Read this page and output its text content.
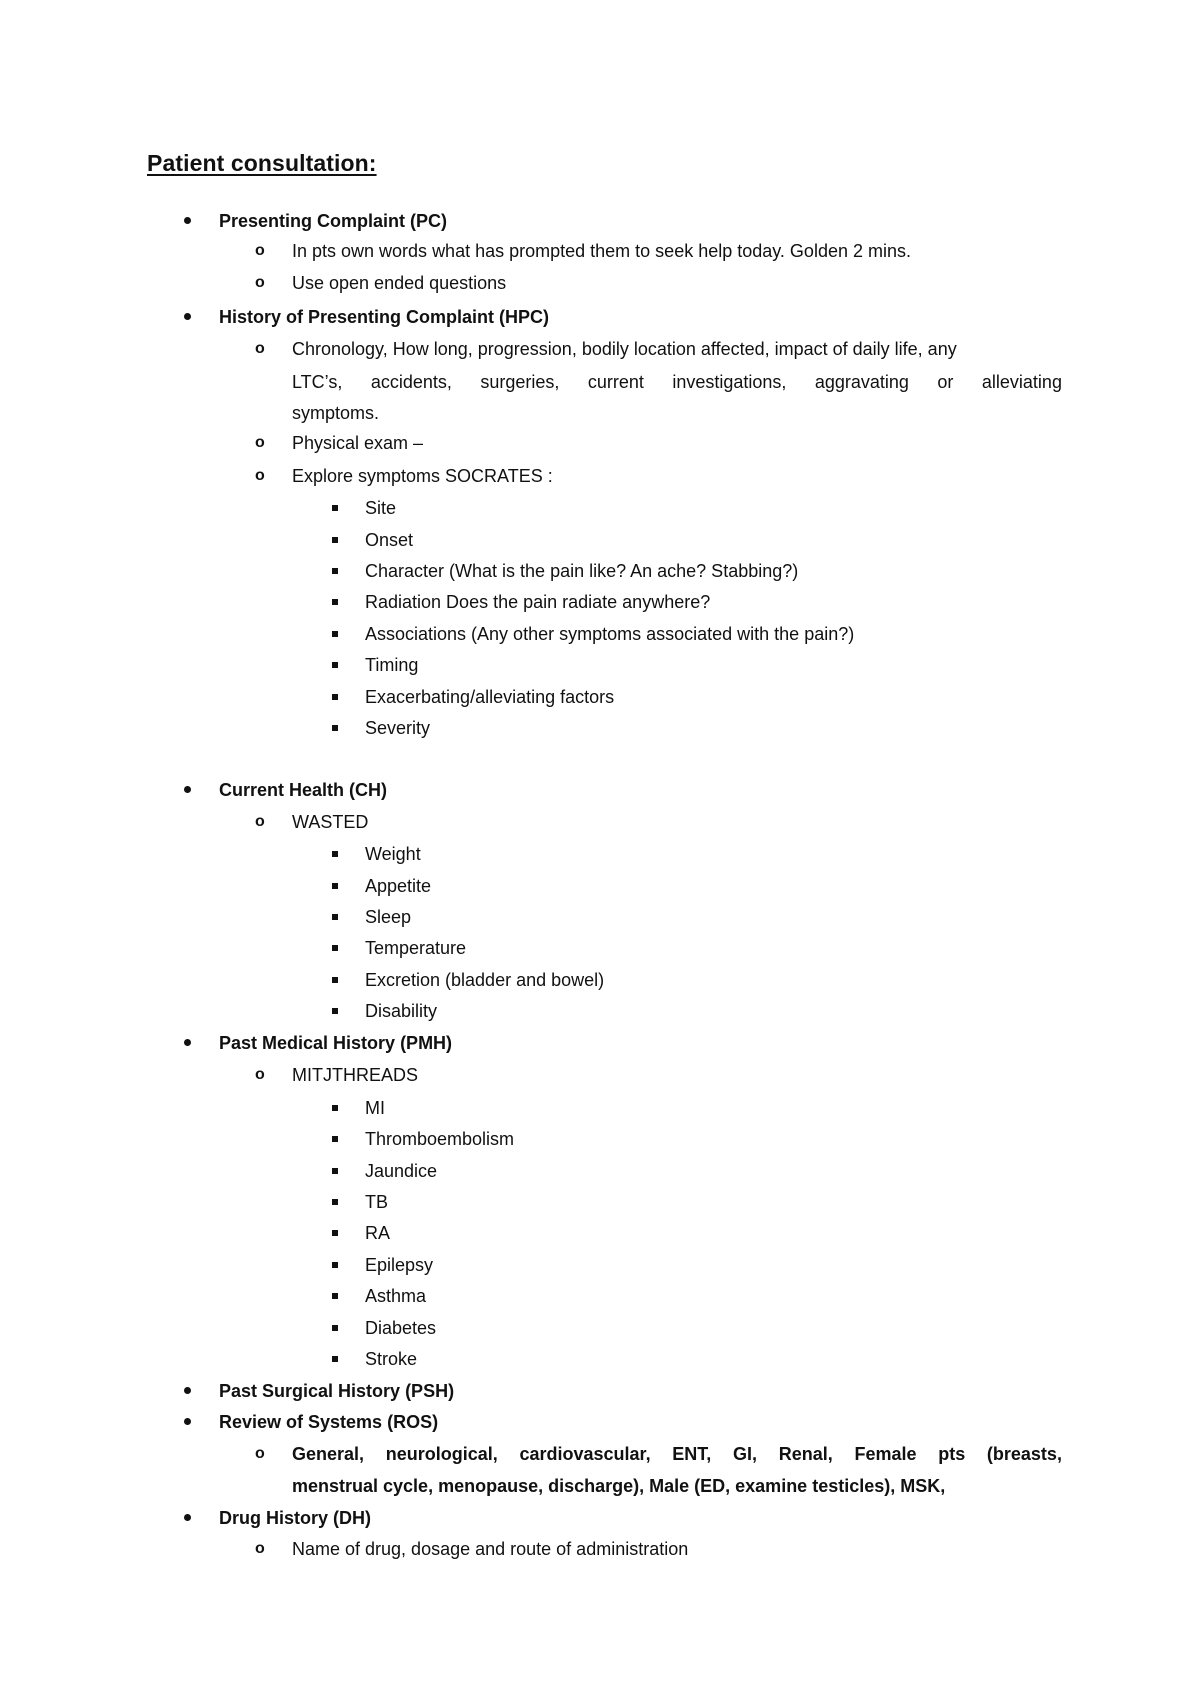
Patient consultation:
Presenting Complaint (PC)
o In pts own words what has prompted them to seek help today. Golden 2 mins.
o Use open ended questions
History of Presenting Complaint (HPC)
o Chronology, How long, progression, bodily location affected, impact of daily life, any
LTC’s, accidents, surgeries, current investigations, aggravating or alleviating
symptoms.
o Physical exam –
o Explore symptoms SOCRATES :
Site
Onset
Character (What is the pain like? An ache? Stabbing?)
Radiation Does the pain radiate anywhere?
Associations (Any other symptoms associated with the pain?)
Timing
Exacerbating/alleviating factors
Severity
Current Health (CH)
o WASTED
Weight
Appetite
Sleep
Temperature
Excretion (bladder and bowel)
Disability
Past Medical History (PMH)
o MITJTHREADS
MI
Thromboembolism
Jaundice
TB
RA
Epilepsy
Asthma
Diabetes
Stroke
Past Surgical History (PSH)
Review of Systems (ROS)
o General, neurological, cardiovascular, ENT, GI, Renal, Female pts (breasts,
menstrual cycle, menopause, discharge), Male (ED, examine testicles), MSK,
Drug History (DH)
o Name of drug, dosage and route of administration
